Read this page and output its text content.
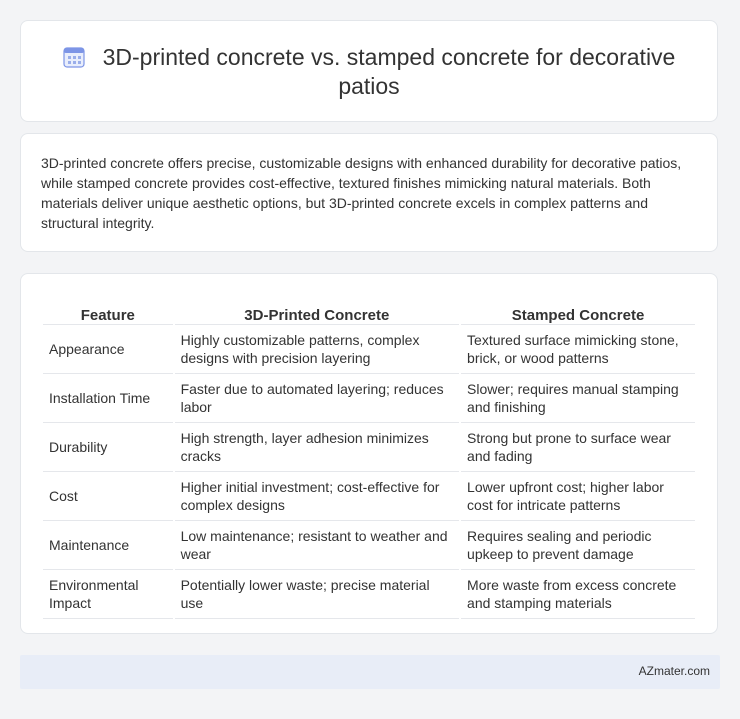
3D-printed concrete vs. stamped concrete for decorative patios
3D-printed concrete offers precise, customizable designs with enhanced durability for decorative patios, while stamped concrete provides cost-effective, textured finishes mimicking natural materials. Both materials deliver unique aesthetic options, but 3D-printed concrete excels in complex patterns and structural integrity.
Feature	3D-Printed Concrete	Stamped Concrete
Appearance	Highly customizable patterns, complex designs with precision layering	Textured surface mimicking stone, brick, or wood patterns
Installation Time	Faster due to automated layering; reduces labor	Slower; requires manual stamping and finishing
Durability	High strength, layer adhesion minimizes cracks	Strong but prone to surface wear and fading
Cost	Higher initial investment; cost-effective for complex designs	Lower upfront cost; higher labor cost for intricate patterns
Maintenance	Low maintenance; resistant to weather and wear	Requires sealing and periodic upkeep to prevent damage
Environmental Impact	Potentially lower waste; precise material use	More waste from excess concrete and stamping materials
AZmater.com
